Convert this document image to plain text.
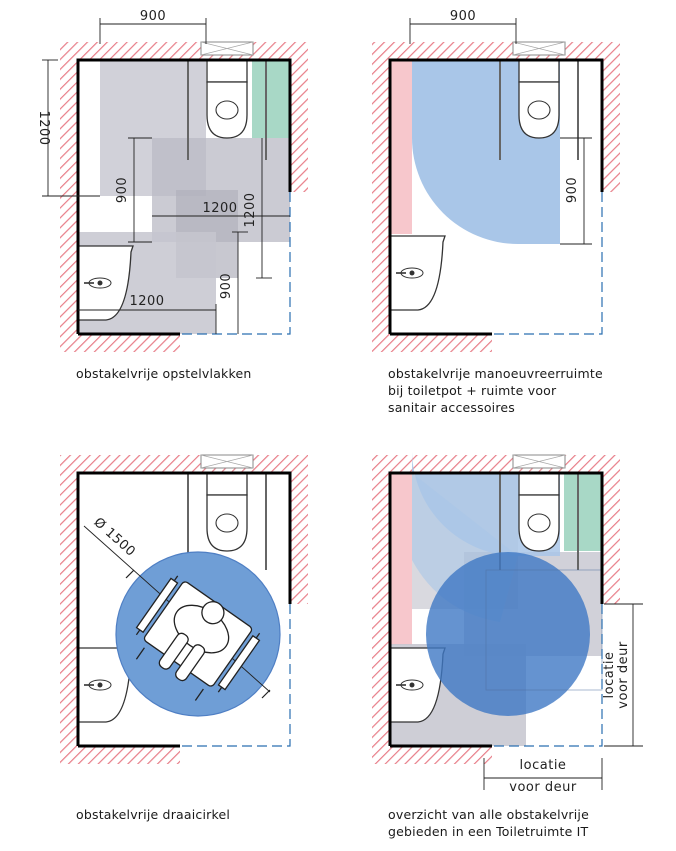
900
1200
900
1200 1200
900
1200
900
900
Ø 1500
locatie voor deur
locatie
voor deur
obstakelvrije opstelvlakken	obstakelvrije manoeuvreerruimte
bij toiletpot + ruimte voor
sanitair accessoires
obstakelvrije draaicirkel	overzicht van alle obstakelvrije
gebieden in een Toiletruimte IT
